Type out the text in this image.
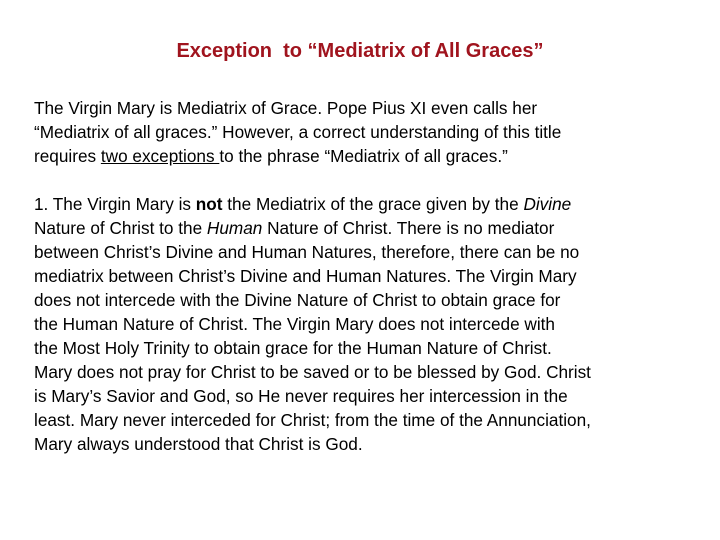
Exception  to “Mediatrix of All Graces”
The Virgin Mary is Mediatrix of Grace. Pope Pius XI even calls her
“Mediatrix of all graces.” However, a correct understanding of this title
requires two exceptions to the phrase “Mediatrix of all graces.”
1. The Virgin Mary is not the Mediatrix of the grace given by the Divine
Nature of Christ to the Human Nature of Christ. There is no mediator
between Christ’s Divine and Human Natures, therefore, there can be no
mediatrix between Christ’s Divine and Human Natures. The Virgin Mary
does not intercede with the Divine Nature of Christ to obtain grace for
the Human Nature of Christ. The Virgin Mary does not intercede with
the Most Holy Trinity to obtain grace for the Human Nature of Christ.
Mary does not pray for Christ to be saved or to be blessed by God. Christ
is Mary’s Savior and God, so He never requires her intercession in the
least. Mary never interceded for Christ; from the time of the Annunciation,
Mary always understood that Christ is God.
